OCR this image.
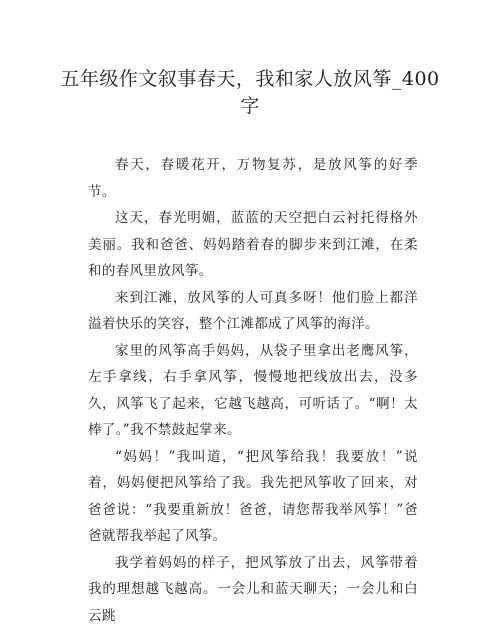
五年级作文叙事春天，我和家人放风筝_400字

春天，春暖花开，万物复苏，是放风筝的好季节。

这天，春光明媚，蓝蓝的天空把白云衬托得格外美丽。我和爸爸、妈妈踏着春的脚步来到江滩，在柔和的春风里放风筝。

来到江滩，放风筝的人可真多呀！他们脸上都洋溢着快乐的笑容，整个江滩都成了风筝的海洋。

家里的风筝高手妈妈，从袋子里拿出老鹰风筝，左手拿线，右手拿风筝，慢慢地把线放出去，没多久，风筝飞了起来，它越飞越高，可听话了。“啊！太棒了。”我不禁鼓起掌来。

“妈妈！”我叫道，“把风筝给我！我要放！”说着，妈妈便把风筝给了我。我先把风筝收了回来，对爸爸说：“我要重新放！爸爸，请您帮我举风筝！”爸爸就帮我举起了风筝。

我学着妈妈的样子，把风筝放了出去，风筝带着我的理想越飞越高。一会儿和蓝天聊天；一会儿和白云跳
